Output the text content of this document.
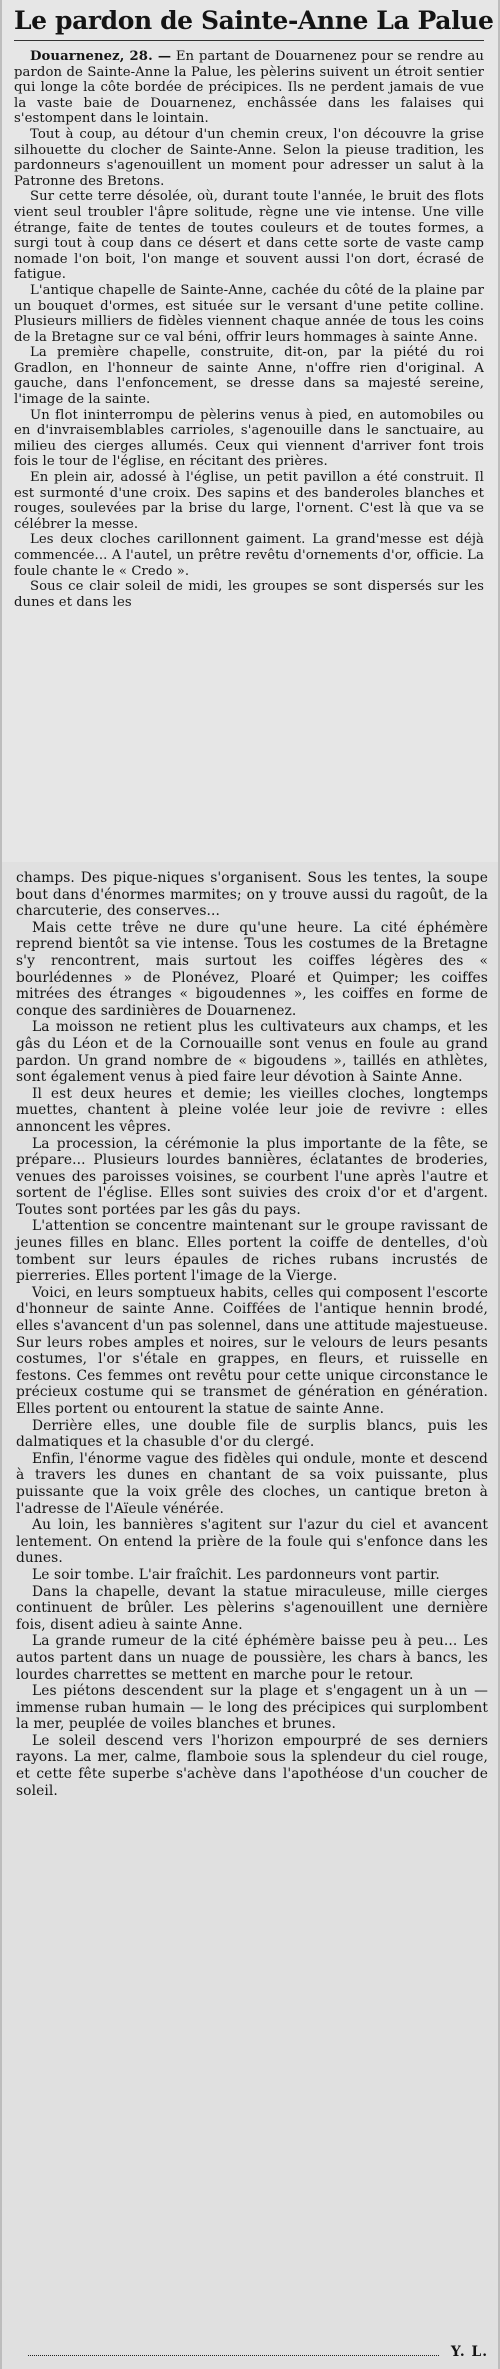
Le pardon de Sainte-Anne La Palue

Douarnenez, 28. — En partant de Douarnenez pour se rendre au pardon de Sainte-Anne la Palue, les pèlerins suivent un étroit sentier qui longe la côte bordée de précipices. Ils ne perdent jamais de vue la vaste baie de Douarnenez, enchâssée dans les falaises qui s'estompent dans le lointain.

Tout à coup, au détour d'un chemin creux, l'on découvre la grise silhouette du clocher de Sainte-Anne. Selon la pieuse tradition, les pardonneurs s'agenouillent un moment pour adresser un salut à la Patronne des Bretons.

Sur cette terre désolée, où, durant toute l'année, le bruit des flots vient seul troubler l'âpre solitude, règne une vie intense. Une ville étrange, faite de tentes de toutes couleurs et de toutes formes, a surgi tout à coup dans ce désert et dans cette sorte de vaste camp nomade l'on boit, l'on mange et souvent aussi l'on dort, écrasé de fatigue.

L'antique chapelle de Sainte-Anne, cachée du côté de la plaine par un bouquet d'ormes, est située sur le versant d'une petite colline. Plusieurs milliers de fidèles viennent chaque année de tous les coins de la Bretagne sur ce val béni, offrir leurs hommages à sainte Anne.

La première chapelle, construite, dit-on, par la piété du roi Gradlon, en l'honneur de sainte Anne, n'offre rien d'original. A gauche, dans l'enfoncement, se dresse dans sa majesté sereine, l'image de la sainte.

Un flot ininterrompu de pèlerins venus à pied, en automobiles ou en d'invraisemblables carrioles, s'agenouille dans le sanctuaire, au milieu des cierges allumés. Ceux qui viennent d'arriver font trois fois le tour de l'église, en récitant des prières.

En plein air, adossé à l'église, un petit pavillon a été construit. Il est surmonté d'une croix. Des sapins et des banderoles blanches et rouges, soulevées par la brise du large, l'ornent. C'est là que va se célébrer la messe.

Les deux cloches carillonnent gaiment. La grand'messe est déjà commencée... A l'autel, un prêtre revêtu d'ornements d'or, officie. La foule chante le « Credo ».

Sous ce clair soleil de midi, les groupes se sont dispersés sur les dunes et dans les

champs. Des pique-niques s'organisent. Sous les tentes, la soupe bout dans d'énormes marmites; on y trouve aussi du ragoût, de la charcuterie, des conserves...

Mais cette trêve ne dure qu'une heure. La cité éphémère reprend bientôt sa vie intense. Tous les costumes de la Bretagne s'y rencontrent, mais surtout les coiffes légères des « bourlédennes » de Plonévez, Ploaré et Quimper; les coiffes mitrées des étranges « bigoudennes », les coiffes en forme de conque des sardinières de Douarnenez.

La moisson ne retient plus les cultivateurs aux champs, et les gâs du Léon et de la Cornouaille sont venus en foule au grand pardon. Un grand nombre de « bigoudens », taillés en athlètes, sont également venus à pied faire leur dévotion à Sainte Anne.

Il est deux heures et demie; les vieilles cloches, longtemps muettes, chantent à pleine volée leur joie de revivre : elles annoncent les vêpres.

La procession, la cérémonie la plus importante de la fête, se prépare... Plusieurs lourdes bannières, éclatantes de broderies, venues des paroisses voisines, se courbent l'une après l'autre et sortent de l'église. Elles sont suivies des croix d'or et d'argent. Toutes sont portées par les gâs du pays.

L'attention se concentre maintenant sur le groupe ravissant de jeunes filles en blanc. Elles portent la coiffe de dentelles, d'où tombent sur leurs épaules de riches rubans incrustés de pierreries. Elles portent l'image de la Vierge.

Voici, en leurs somptueux habits, celles qui composent l'escorte d'honneur de sainte Anne. Coiffées de l'antique hennin brodé, elles s'avancent d'un pas solennel, dans une attitude majestueuse. Sur leurs robes amples et noires, sur le velours de leurs pesants costumes, l'or s'étale en grappes, en fleurs, et ruisselle en festons. Ces femmes ont revêtu pour cette unique circonstance le précieux costume qui se transmet de génération en génération. Elles portent ou entourent la statue de sainte Anne.

Derrière elles, une double file de surplis blancs, puis les dalmatiques et la chasuble d'or du clergé.

Enfin, l'énorme vague des fidèles qui ondule, monte et descend à travers les dunes en chantant de sa voix puissante, plus puissante que la voix grêle des cloches, un cantique breton à l'adresse de l'Aïeule vénérée.

Au loin, les bannières s'agitent sur l'azur du ciel et avancent lentement. On entend la prière de la foule qui s'enfonce dans les dunes.

Le soir tombe. L'air fraîchit. Les pardonneurs vont partir.

Dans la chapelle, devant la statue miraculeuse, mille cierges continuent de brûler. Les pèlerins s'agenouillent une dernière fois, disent adieu à sainte Anne.

La grande rumeur de la cité éphémère baisse peu à peu... Les autos partent dans un nuage de poussière, les chars à bancs, les lourdes charrettes se mettent en marche pour le retour.

Les piétons descendent sur la plage et s'engagent un à un — immense ruban humain — le long des précipices qui surplombent la mer, peuplée de voiles blanches et brunes.

Le soleil descend vers l'horizon empourpré de ses derniers rayons. La mer, calme, flamboie sous la splendeur du ciel rouge, et cette fête superbe s'achève dans l'apothéose d'un coucher de soleil.

Y. L.
